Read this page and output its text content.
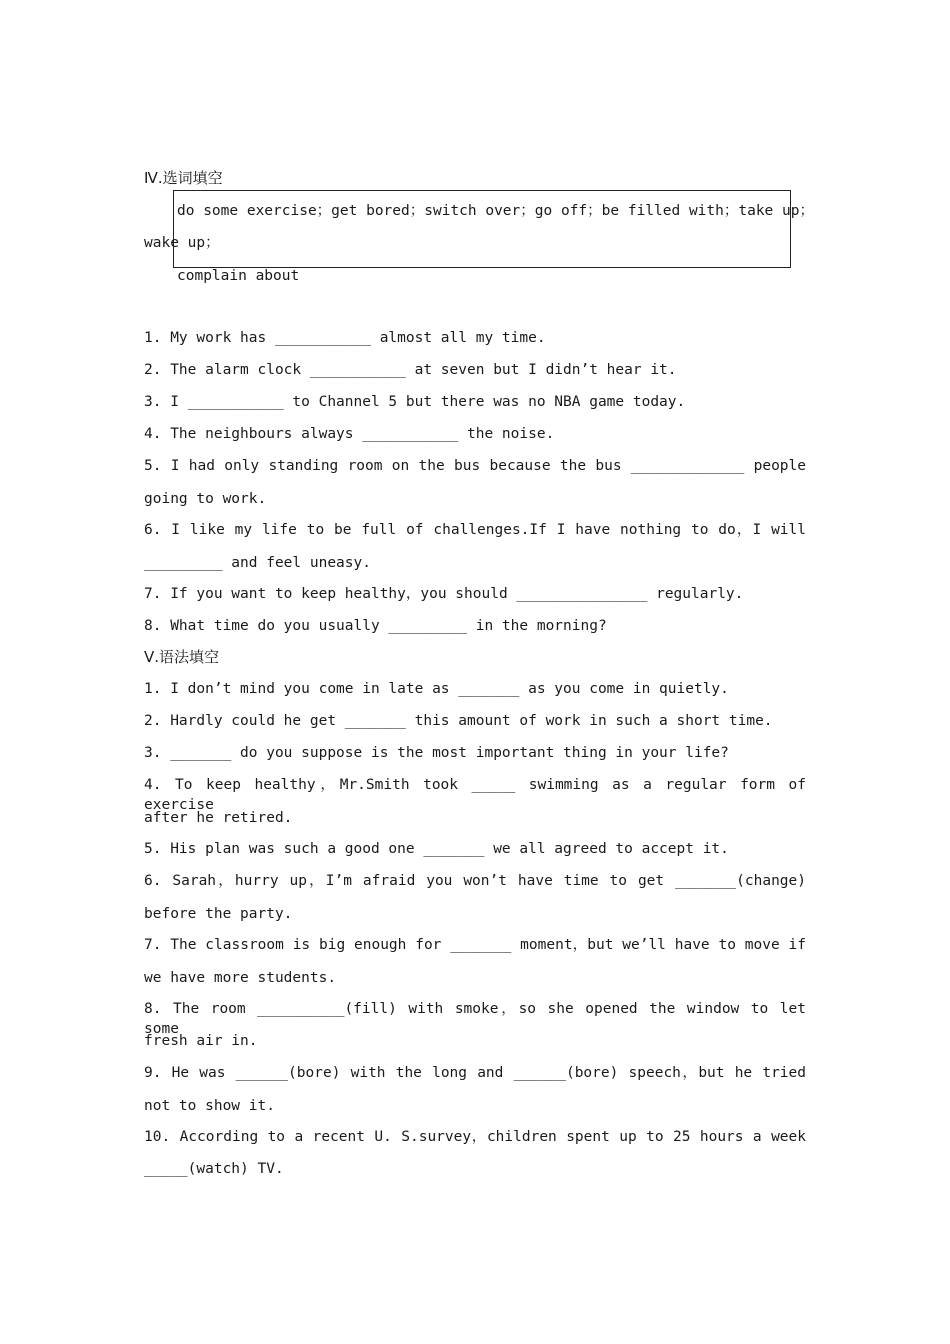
Ⅳ.选词填空
do some exercise；get bored；switch over；go off；be filled with；take up；
wake up；
complain about
1. My work has ___________ almost all my time.
2. The alarm clock ___________ at seven but I didn’t hear it.
3. I ___________ to Channel 5 but there was no NBA game today.
4. The neighbours always ___________ the noise.
5. I had only standing room on the bus because the bus _____________ people
going to work.
6. I like my life to be full of challenges.If I have nothing to do，I will
_________ and feel uneasy.
7. If you want to keep healthy，you should _______________ regularly.
8. What time do you usually _________ in the morning?
Ⅴ.语法填空
1. I don’t mind you come in late as _______ as you come in quietly.
2. Hardly could he get _______ this amount of work in such a short time.
3. _______ do you suppose is the most important thing in your life?
4. To keep healthy，Mr.Smith took _____ swimming as a regular form of exercise
after he retired.
5. His plan was such a good one _______ we all agreed to accept it.
6. Sarah，hurry up，I’m afraid you won’t have time to get _______(change)
before the party.
7. The classroom is big enough for _______ moment，but we’ll have to move if
we have more students.
8. The room __________(fill) with smoke，so she opened the window to let some
fresh air in.
9. He was ______(bore) with the long and ______(bore) speech，but he tried
not to show it.
10. According to a recent U. S.survey，children spent up to 25 hours a week
_____(watch) TV.
